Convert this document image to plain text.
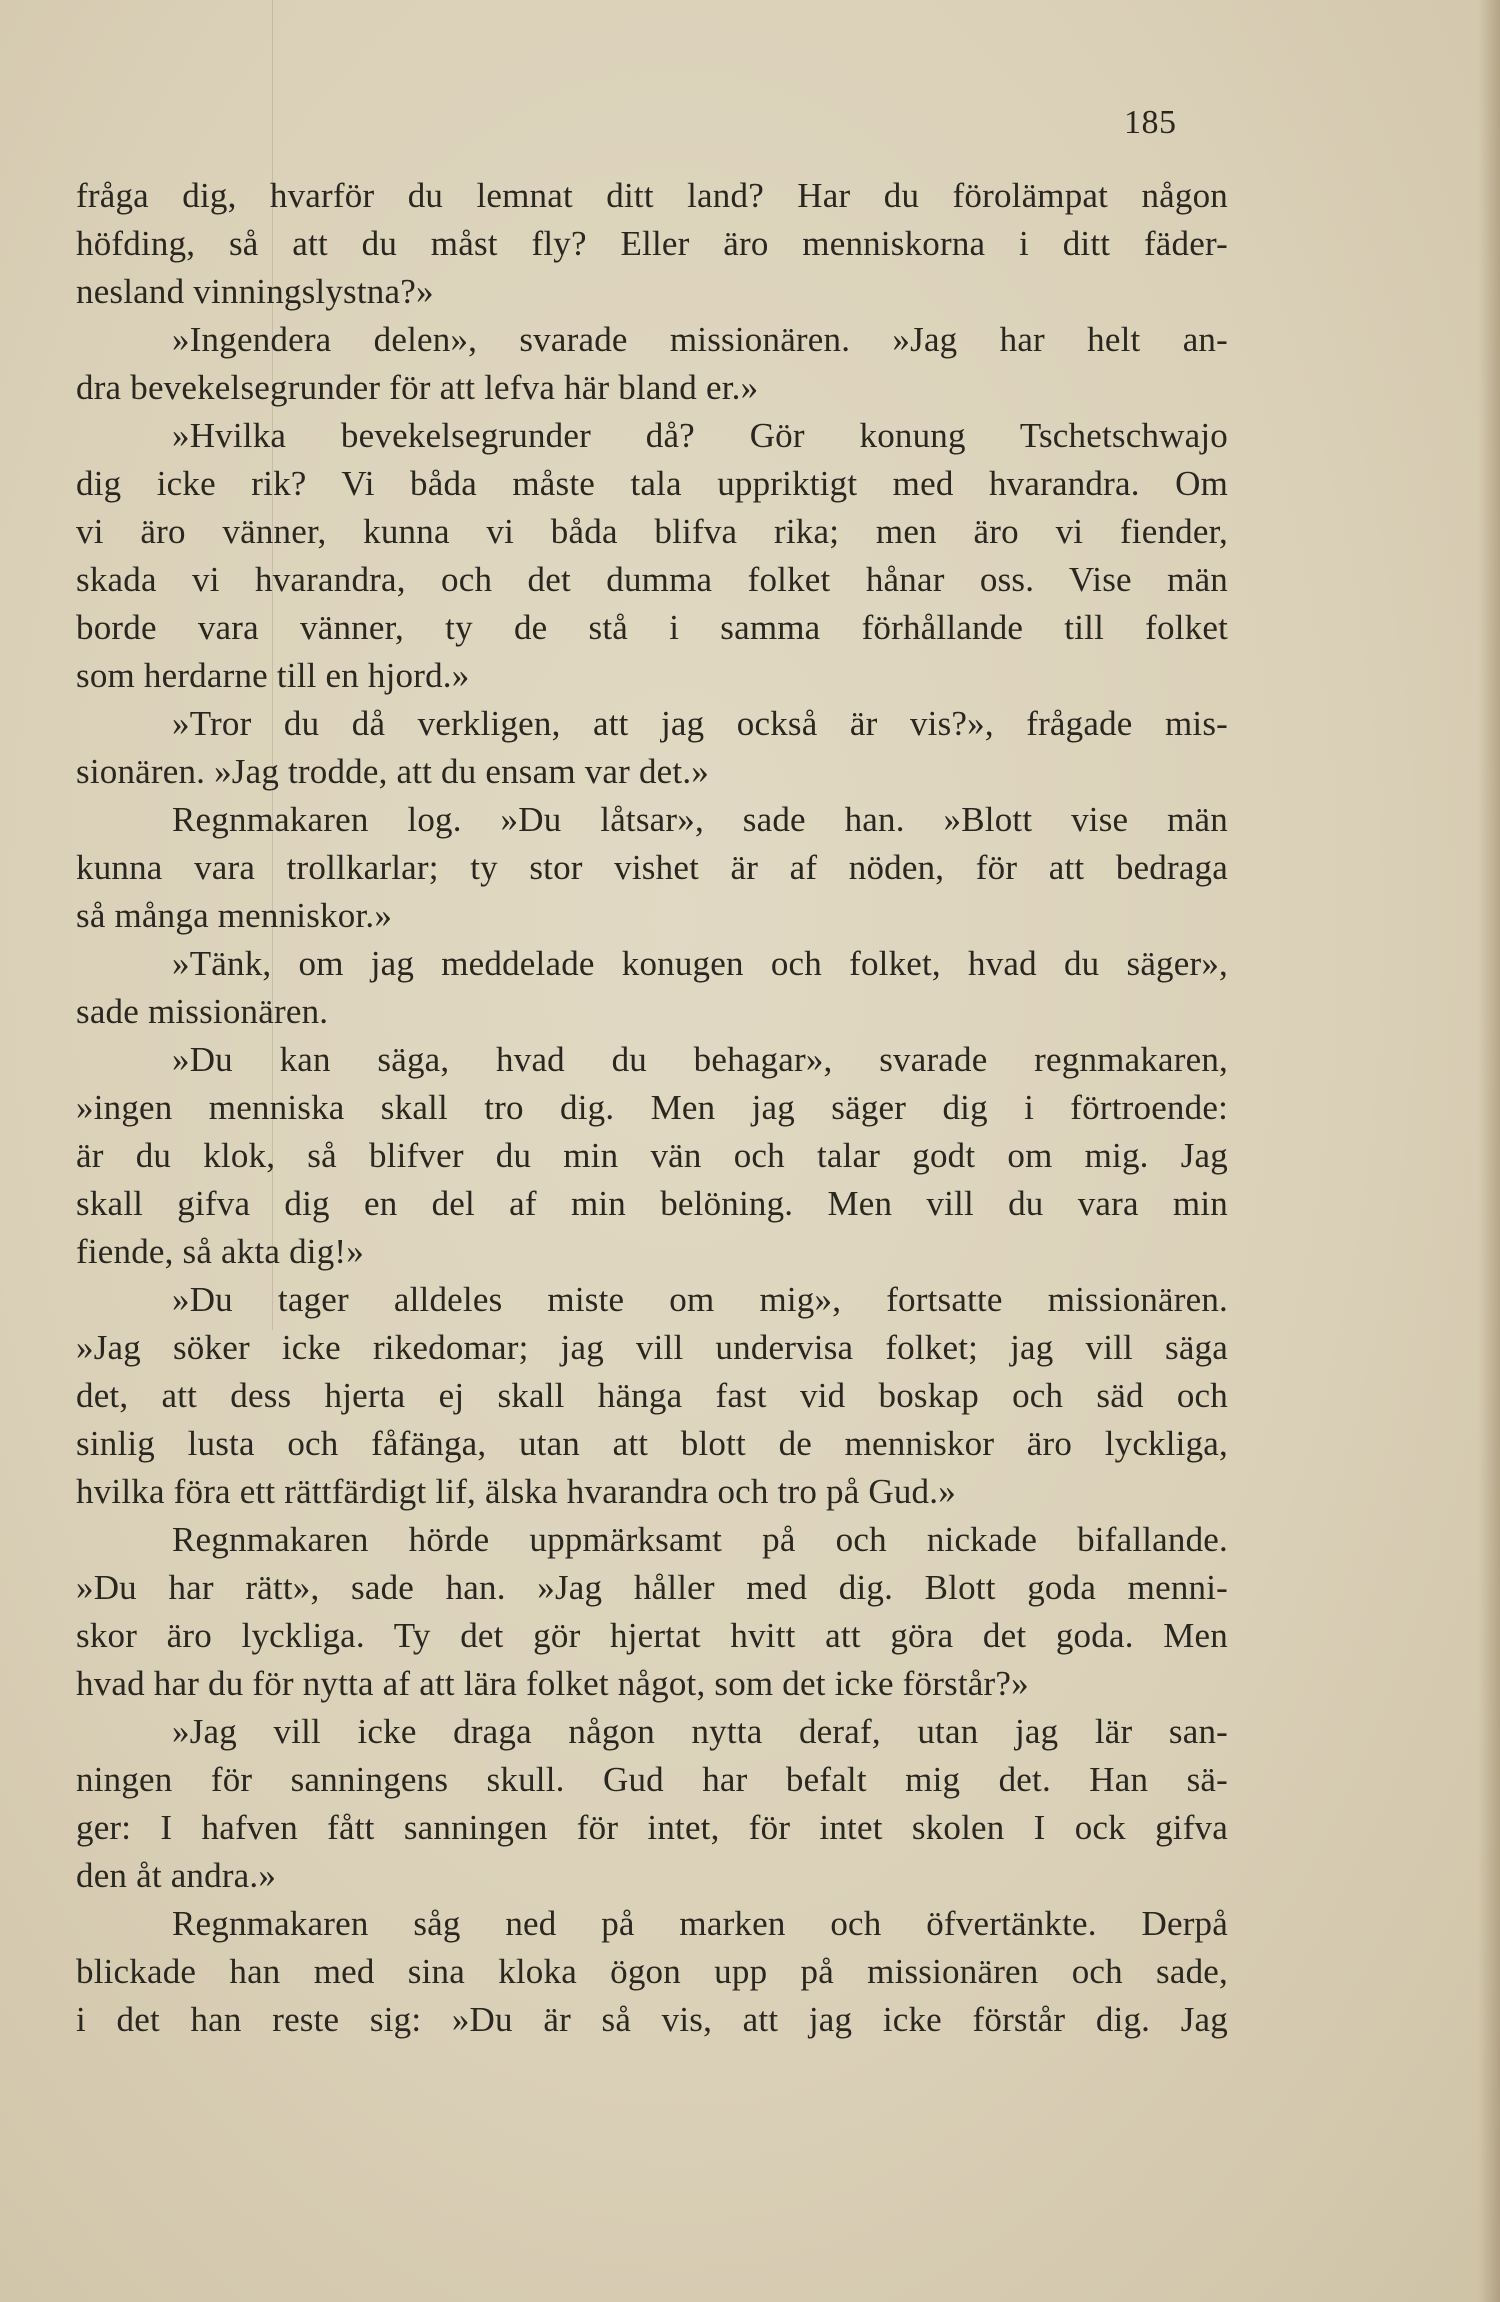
185
fråga dig, hvarför du lemnat ditt land? Har du förolämpat någon
höfding, så att du måst fly? Eller äro menniskorna i ditt fäder-
nesland vinningslystna?»
»Ingendera delen», svarade missionären. »Jag har helt an-
dra bevekelsegrunder för att lefva här bland er.»
»Hvilka bevekelsegrunder då? Gör konung Tschetschwajo
dig icke rik? Vi båda måste tala uppriktigt med hvarandra. Om
vi äro vänner, kunna vi båda blifva rika; men äro vi fiender,
skada vi hvarandra, och det dumma folket hånar oss. Vise män
borde vara vänner, ty de stå i samma förhållande till folket
som herdarne till en hjord.»
»Tror du då verkligen, att jag också är vis?», frågade mis-
sionären. »Jag trodde, att du ensam var det.»
Regnmakaren log. »Du låtsar», sade han. »Blott vise män
kunna vara trollkarlar; ty stor vishet är af nöden, för att bedraga
så många menniskor.»
»Tänk, om jag meddelade konugen och folket, hvad du säger»,
sade missionären.
»Du kan säga, hvad du behagar», svarade regnmakaren,
»ingen menniska skall tro dig. Men jag säger dig i förtroende:
är du klok, så blifver du min vän och talar godt om mig. Jag
skall gifva dig en del af min belöning. Men vill du vara min
fiende, så akta dig!»
»Du tager alldeles miste om mig», fortsatte missionären.
»Jag söker icke rikedomar; jag vill undervisa folket; jag vill säga
det, att dess hjerta ej skall hänga fast vid boskap och säd och
sinlig lusta och fåfänga, utan att blott de menniskor äro lyckliga,
hvilka föra ett rättfärdigt lif, älska hvarandra och tro på Gud.»
Regnmakaren hörde uppmärksamt på och nickade bifallande.
»Du har rätt», sade han. »Jag håller med dig. Blott goda menni-
skor äro lyckliga. Ty det gör hjertat hvitt att göra det goda. Men
hvad har du för nytta af att lära folket något, som det icke förstår?»
»Jag vill icke draga någon nytta deraf, utan jag lär san-
ningen för sanningens skull. Gud har befalt mig det. Han sä-
ger: I hafven fått sanningen för intet, för intet skolen I ock gifva
den åt andra.»
Regnmakaren såg ned på marken och öfvertänkte. Derpå
blickade han med sina kloka ögon upp på missionären och sade,
i det han reste sig: »Du är så vis, att jag icke förstår dig. Jag
